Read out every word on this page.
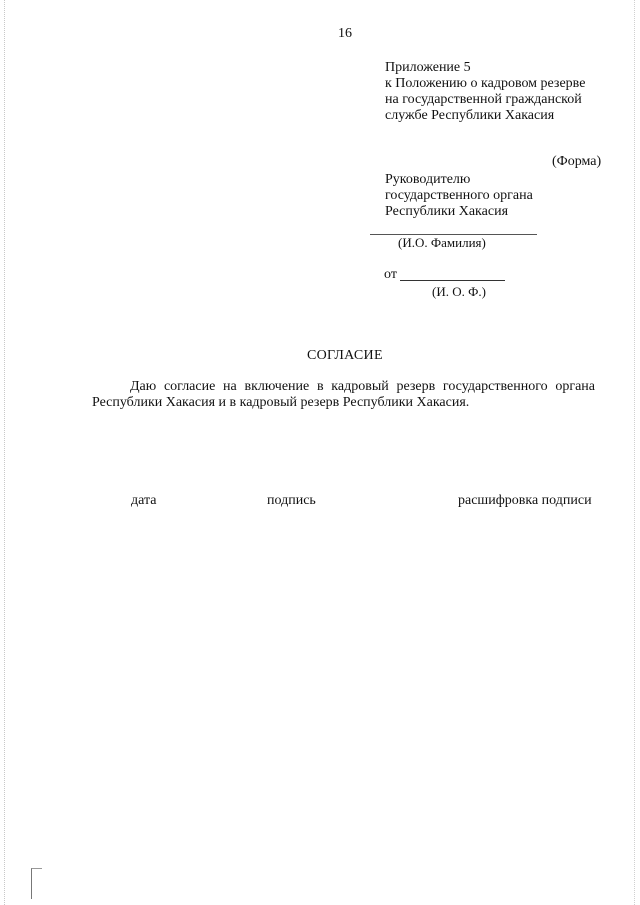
16
Приложение 5
к Положению о кадровом резерве
на государственной гражданской
службе Республики Хакасия
(Форма)
Руководителю
государственного органа
Республики Хакасия
(И.О. Фамилия)
от
(И. О. Ф.)
СОГЛАСИЕ
Даю согласие на включение в кадровый резерв государственного органа
Республики Хакасия и в кадровый резерв Республики Хакасия.
дата	подпись	расшифровка подписи
